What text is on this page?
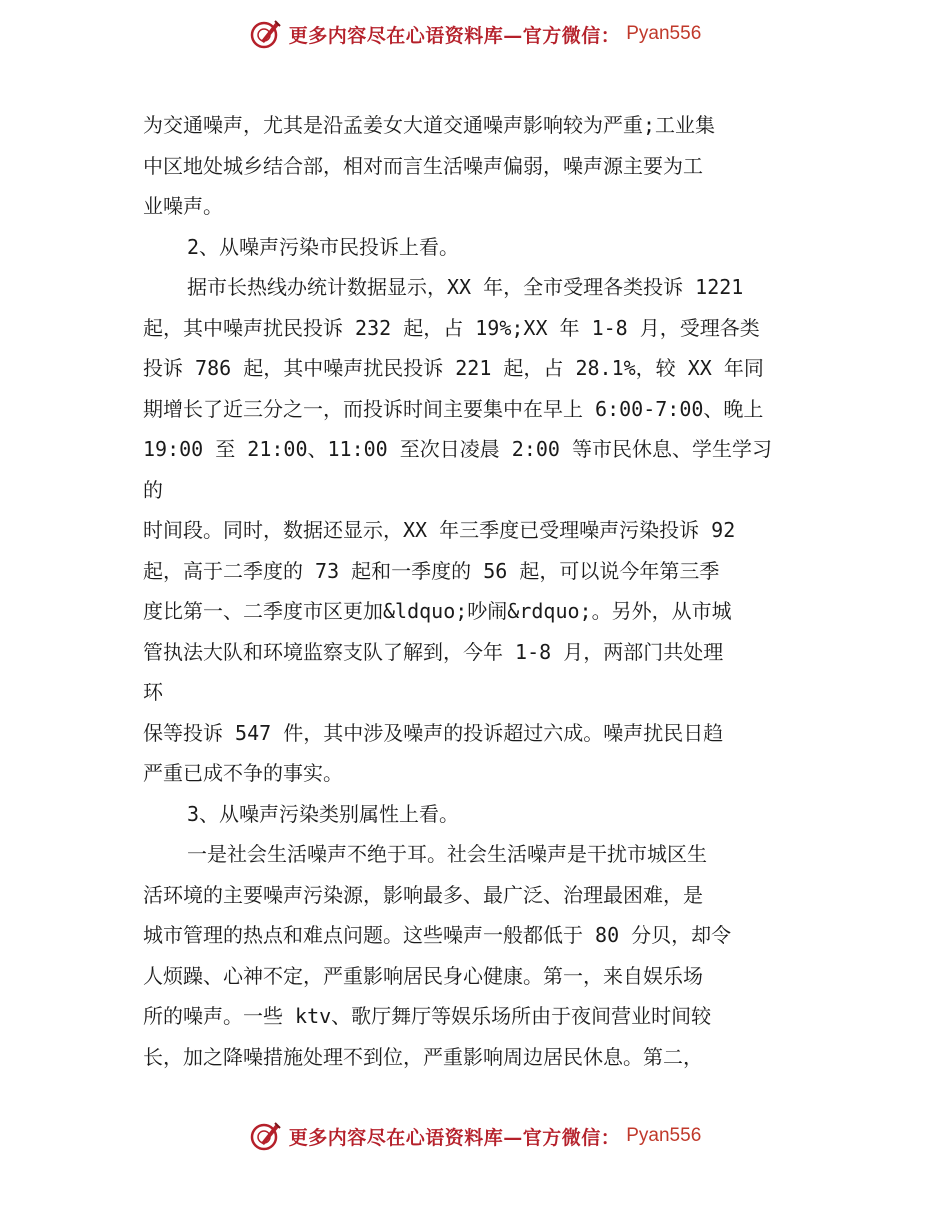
更多内容尽在心语资料库—官方微信： Pyan556
为交通噪声，尤其是沿孟姜女大道交通噪声影响较为严重;工业集
中区地处城乡结合部，相对而言生活噪声偏弱，噪声源主要为工
业噪声。
2、从噪声污染市民投诉上看。
据市长热线办统计数据显示，XX 年，全市受理各类投诉 1221
起，其中噪声扰民投诉 232 起，占 19%;XX 年 1-8 月，受理各类
投诉 786 起，其中噪声扰民投诉 221 起，占 28.1%，较 XX 年同
期增长了近三分之一，而投诉时间主要集中在早上 6:00-7:00、晚上
19:00 至 21:00、11:00 至次日凌晨 2:00 等市民休息、学生学习
的
时间段。同时，数据还显示，XX 年三季度已受理噪声污染投诉 92
起，高于二季度的 73 起和一季度的 56 起，可以说今年第三季
度比第一、二季度市区更加&ldquo;吵闹&rdquo;。另外，从市城
管执法大队和环境监察支队了解到，今年 1-8 月，两部门共处理
环
保等投诉 547 件，其中涉及噪声的投诉超过六成。噪声扰民日趋
严重已成不争的事实。
3、从噪声污染类别属性上看。
一是社会生活噪声不绝于耳。社会生活噪声是干扰市城区生
活环境的主要噪声污染源，影响最多、最广泛、治理最困难，是
城市管理的热点和难点问题。这些噪声一般都低于 80 分贝，却令
人烦躁、心神不定，严重影响居民身心健康。第一，来自娱乐场
所的噪声。一些 ktv、歌厅舞厅等娱乐场所由于夜间营业时间较
长，加之降噪措施处理不到位，严重影响周边居民休息。第二，
更多内容尽在心语资料库—官方微信： Pyan556
